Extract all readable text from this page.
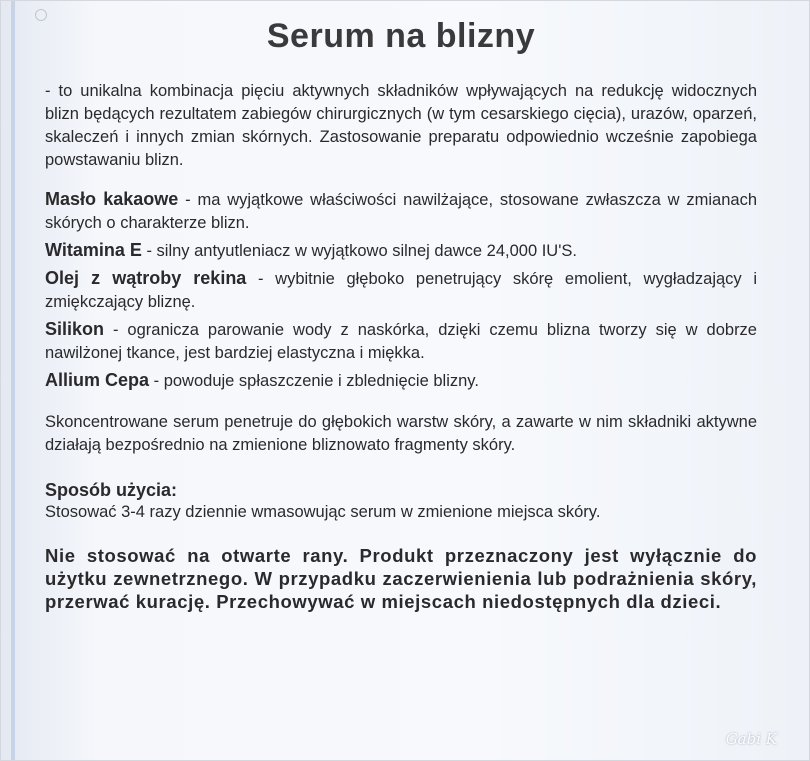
Serum na blizny

- to unikalna kombinacja pięciu aktywnych składników wpływających na redukcję widocznych blizn będących rezultatem zabiegów chirurgicznych (w tym cesarskiego cięcia), urazów, oparzeń, skaleczeń i innych zmian skórnych. Zastosowanie preparatu odpowiednio wcześnie zapobiega powstawaniu blizn.

Masło kakaowe - ma wyjątkowe właściwości nawilżające, stosowane zwłaszcza w zmianach skórych o charakterze blizn.

Witamina E - silny antyutleniacz w wyjątkowo silnej dawce 24,000 IU'S.

Olej z wątroby rekina - wybitnie głęboko penetrujący skórę emolient, wygładzający i zmiękczający bliznę.

Silikon - ogranicza parowanie wody z naskórka, dzięki czemu blizna tworzy się w dobrze nawilżonej tkance, jest bardziej elastyczna i miękka.

Allium Cepa - powoduje spłaszczenie i zblednięcie blizny.

Skoncentrowane serum penetruje do głębokich warstw skóry, a zawarte w nim składniki aktywne działają bezpośrednio na zmienione bliznowato fragmenty skóry.

Sposób użycia:

Stosować 3-4 razy dziennie wmasowując serum w zmienione miejsca skóry.

Nie stosować na otwarte rany. Produkt przeznaczony jest wyłącznie do użytku zewnetrznego. W przypadku zaczerwienienia lub podrażnienia skóry, przerwać kurację. Przechowywać w miejscach niedostępnych dla dzieci.

Gabi K
